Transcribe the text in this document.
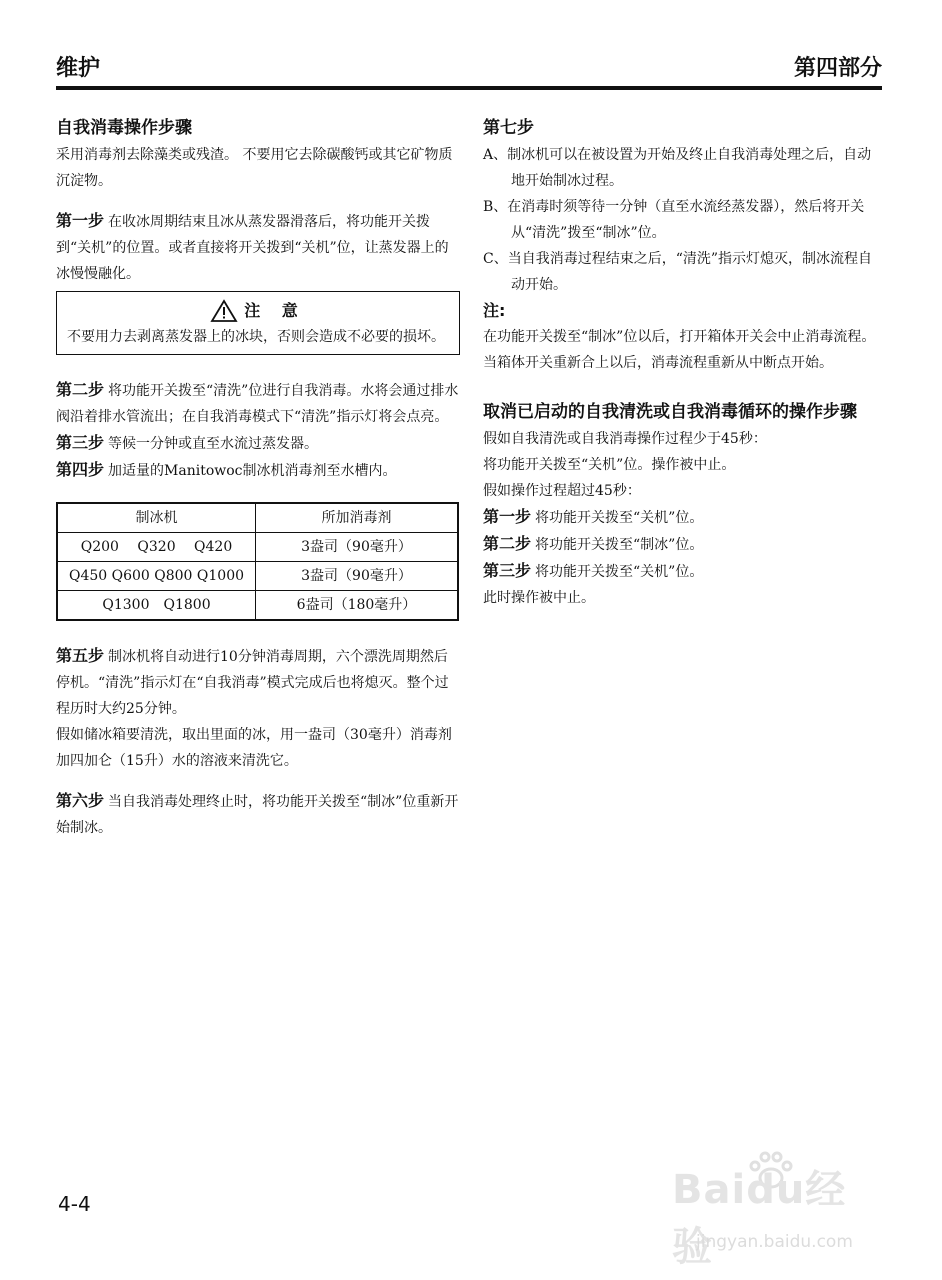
维护	第四部分

自我消毒操作步骤

采用消毒剂去除藻类或残渣。 不要用它去除碳酸钙或其它矿物质沉淀物。

第一步 在收冰周期结束且冰从蒸发器滑落后，将功能开关拨到“关机”的位置。或者直接将开关拨到“关机”位，让蒸发器上的冰慢慢融化。

注 意

不要用力去剥离蒸发器上的冰块，否则会造成不必要的损坏。

第二步 将功能开关拨至“清洗”位进行自我消毒。水将会通过排水阀沿着排水管流出；在自我消毒模式下“清洗”指示灯将会点亮。

第三步 等候一分钟或直至水流过蒸发器。

第四步 加适量的Manitowoc制冰机消毒剂至水槽内。

制冰机	所加消毒剂
Q200　 Q320　 Q420	3盎司（90毫升）
Q450 Q600 Q800 Q1000	3盎司（90毫升）
Q1300　Q1800	6盎司（180毫升）

第五步 制冰机将自动进行10分钟消毒周期，六个漂洗周期然后停机。“清洗”指示灯在“自我消毒”模式完成后也将熄灭。整个过程历时大约25分钟。

假如储冰箱要清洗，取出里面的冰，用一盎司（30毫升）消毒剂加四加仑（15升）水的溶液来清洗它。

第六步 当自我消毒处理终止时，将功能开关拨至“制冰”位重新开始制冰。

第七步

A、制冰机可以在被设置为开始及终止自我消毒处理之后，自动地开始制冰过程。

B、在消毒时须等待一分钟（直至水流经蒸发器），然后将开关从“清洗”拨至“制冰”位。

C、当自我消毒过程结束之后，“清洗”指示灯熄灭，制冰流程自动开始。

注:

在功能开关拨至“制冰”位以后，打开箱体开关会中止消毒流程。当箱体开关重新合上以后，消毒流程重新从中断点开始。

取消已启动的自我清洗或自我消毒循环的操作步骤

假如自我清洗或自我消毒操作过程少于45秒：

将功能开关拨至“关机”位。操作被中止。

假如操作过程超过45秒：

第一步 将功能开关拨至“关机”位。

第二步 将功能开关拨至“制冰”位。

第三步 将功能开关拨至“关机”位。

此时操作被中止。

4-4	Baidu经验
jingyan.baidu.com
